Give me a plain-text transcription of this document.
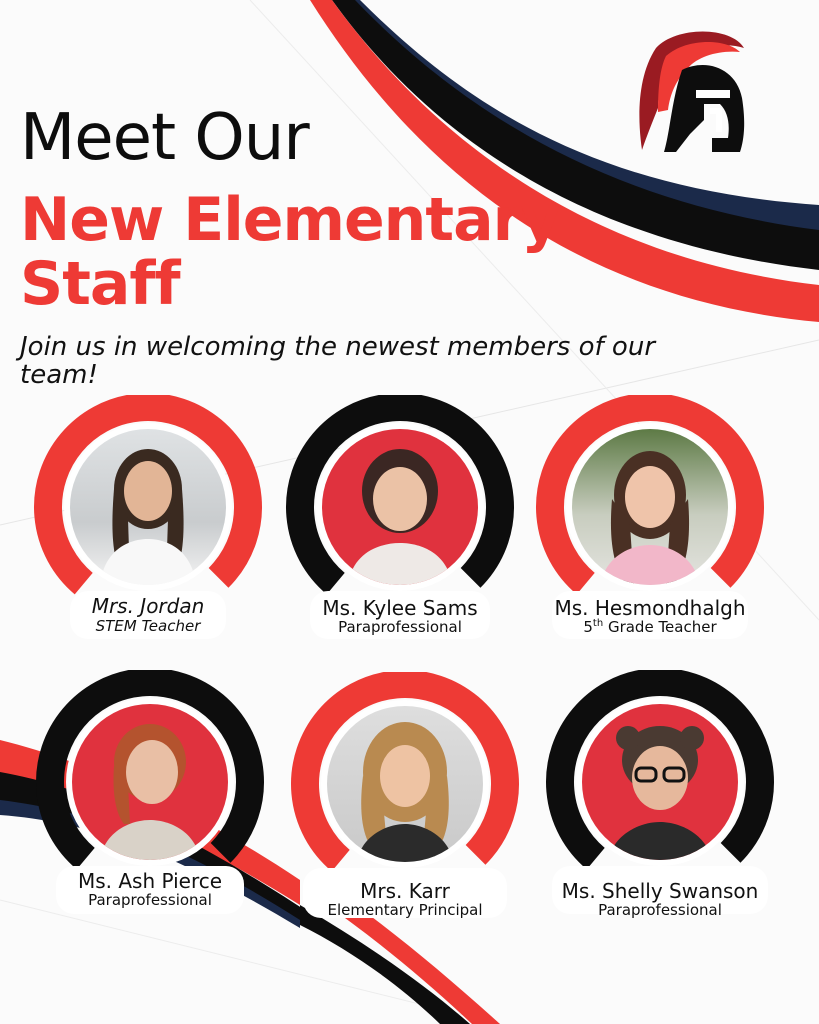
Meet Our
New Elementary
Staff

Join us in welcoming the newest members of our team!

Mrs. Jordan
STEM Teacher
Ms. Kylee Sams
Paraprofessional
Ms. Hesmondhalgh
5th Grade Teacher
Ms. Ash Pierce
Paraprofessional	Mrs. Karr
Elementary Principal
Ms. Shelly Swanson
Paraprofessional
